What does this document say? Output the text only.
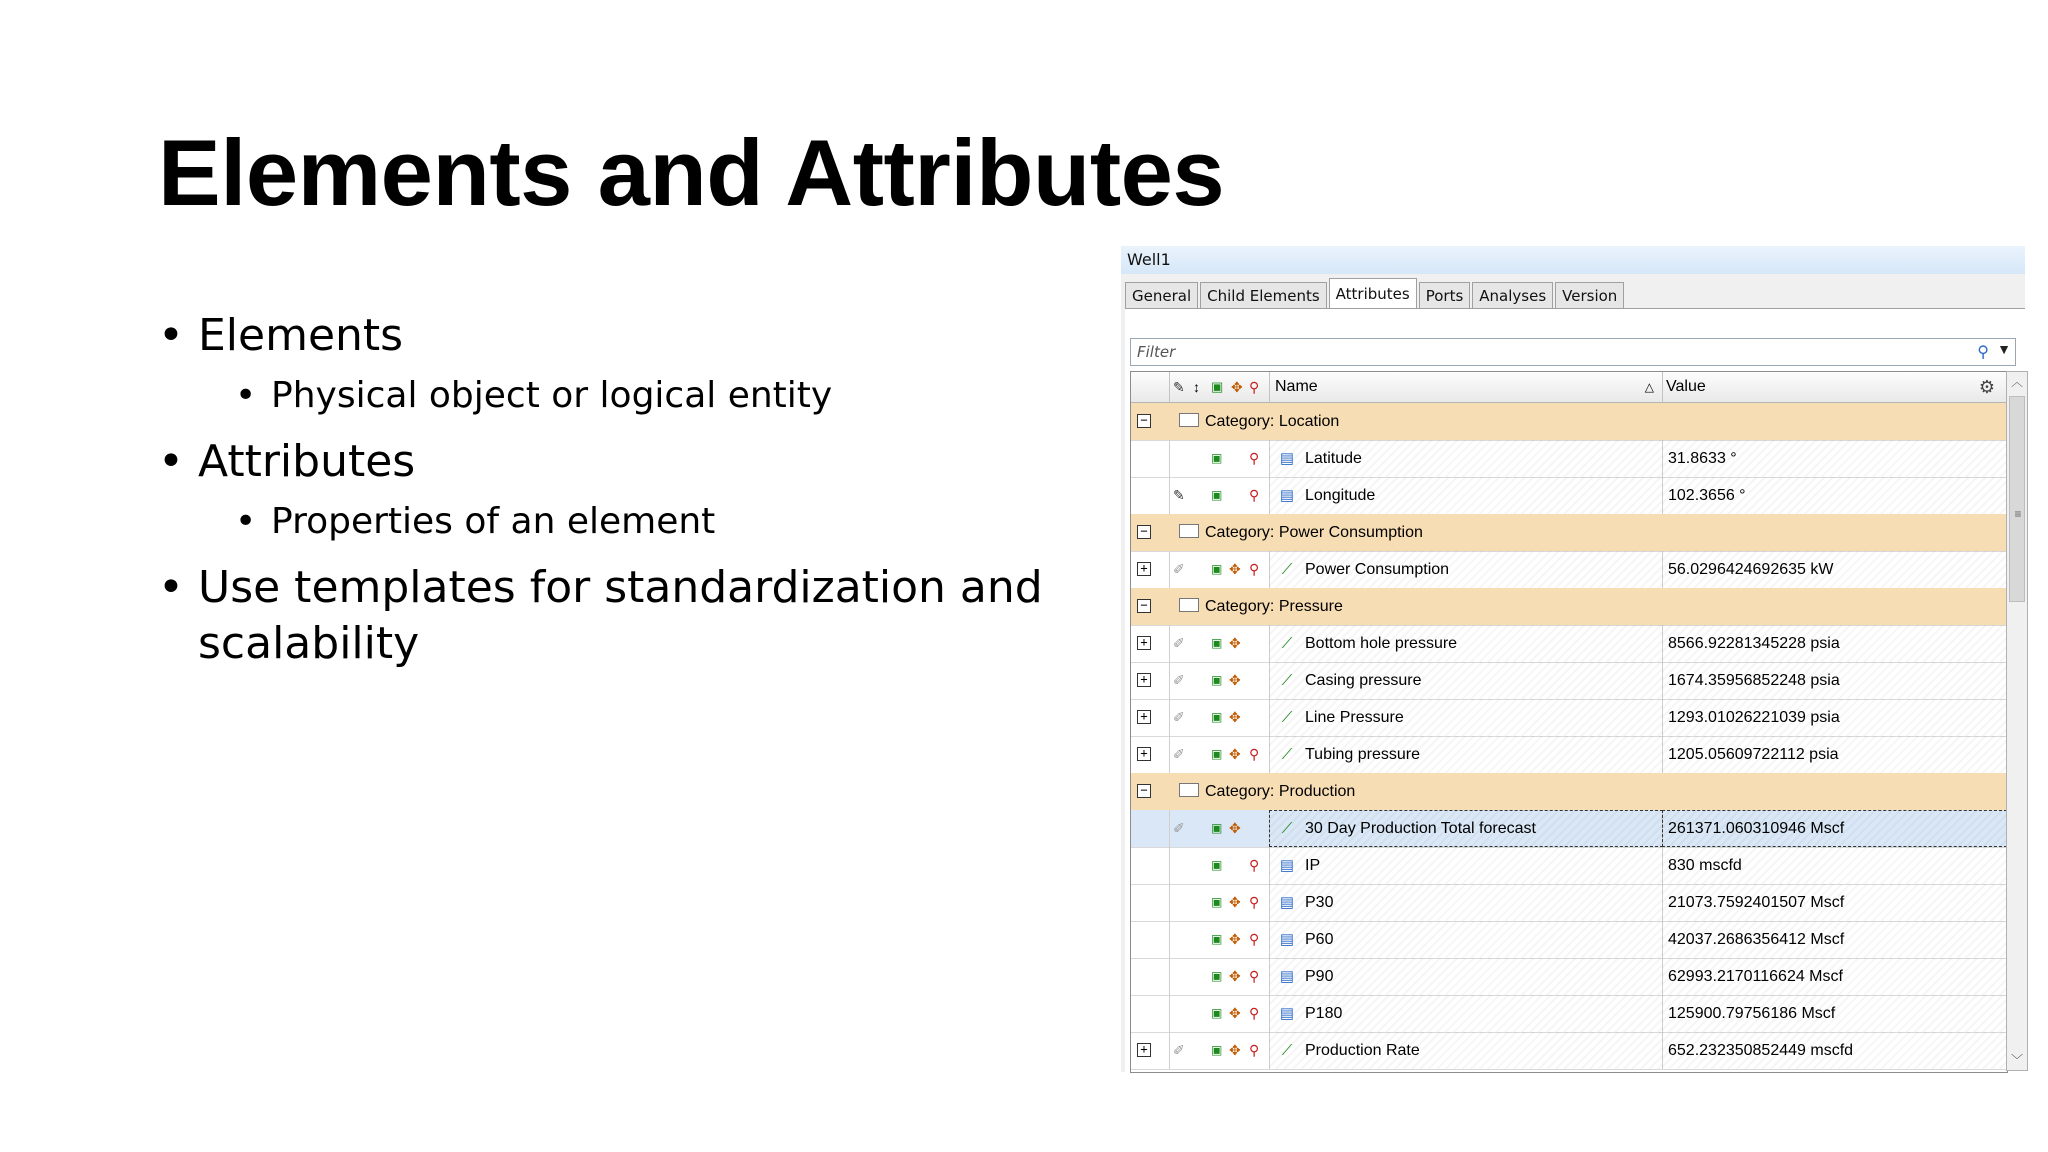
Elements and Attributes
• Elements
• Physical object or logical entity
• Attributes
• Properties of an element
• Use templates for standardization and scalability
Well1
General	Child Elements	Attributes	Ports	Analyses	Version
Filter
⚲ ▼
✎ ↕ ▣ ✥ ⚲ Name	△ Value	⚙
−	Category: Location
▣ ⚲	▤ Latitude	31.8633 °
✎ ▣ ⚲	▤ Longitude	102.3656 °
−	Category: Power Consumption
+ ✐ ▣ ✥ ⚲	⟋ Power Consumption	56.0296424692635 kW
−	Category: Pressure
+ ✐ ▣ ✥	⟋ Bottom hole pressure	8566.92281345228 psia
+ ✐ ▣ ✥	⟋ Casing pressure	1674.35956852248 psia
+ ✐ ▣ ✥	⟋ Line Pressure	1293.01026221039 psia
+ ✐ ▣ ✥ ⚲	⟋ Tubing pressure	1205.05609722112 psia
−	Category: Production
✐ ▣ ✥	⟋ 30 Day Production Total forecast	261371.060310946 Mscf
▣ ⚲	▤ IP	830 mscfd
▣ ✥ ⚲	▤ P30	21073.7592401507 Mscf
▣ ✥ ⚲	▤ P60	42037.2686356412 Mscf
▣ ✥ ⚲	▤ P90	62993.2170116624 Mscf
▣ ✥ ⚲	▤ P180	125900.79756186 Mscf
+ ✐ ▣ ✥ ⚲	⟋ Production Rate	652.232350852449 mscfd
︿
≡
﹀
